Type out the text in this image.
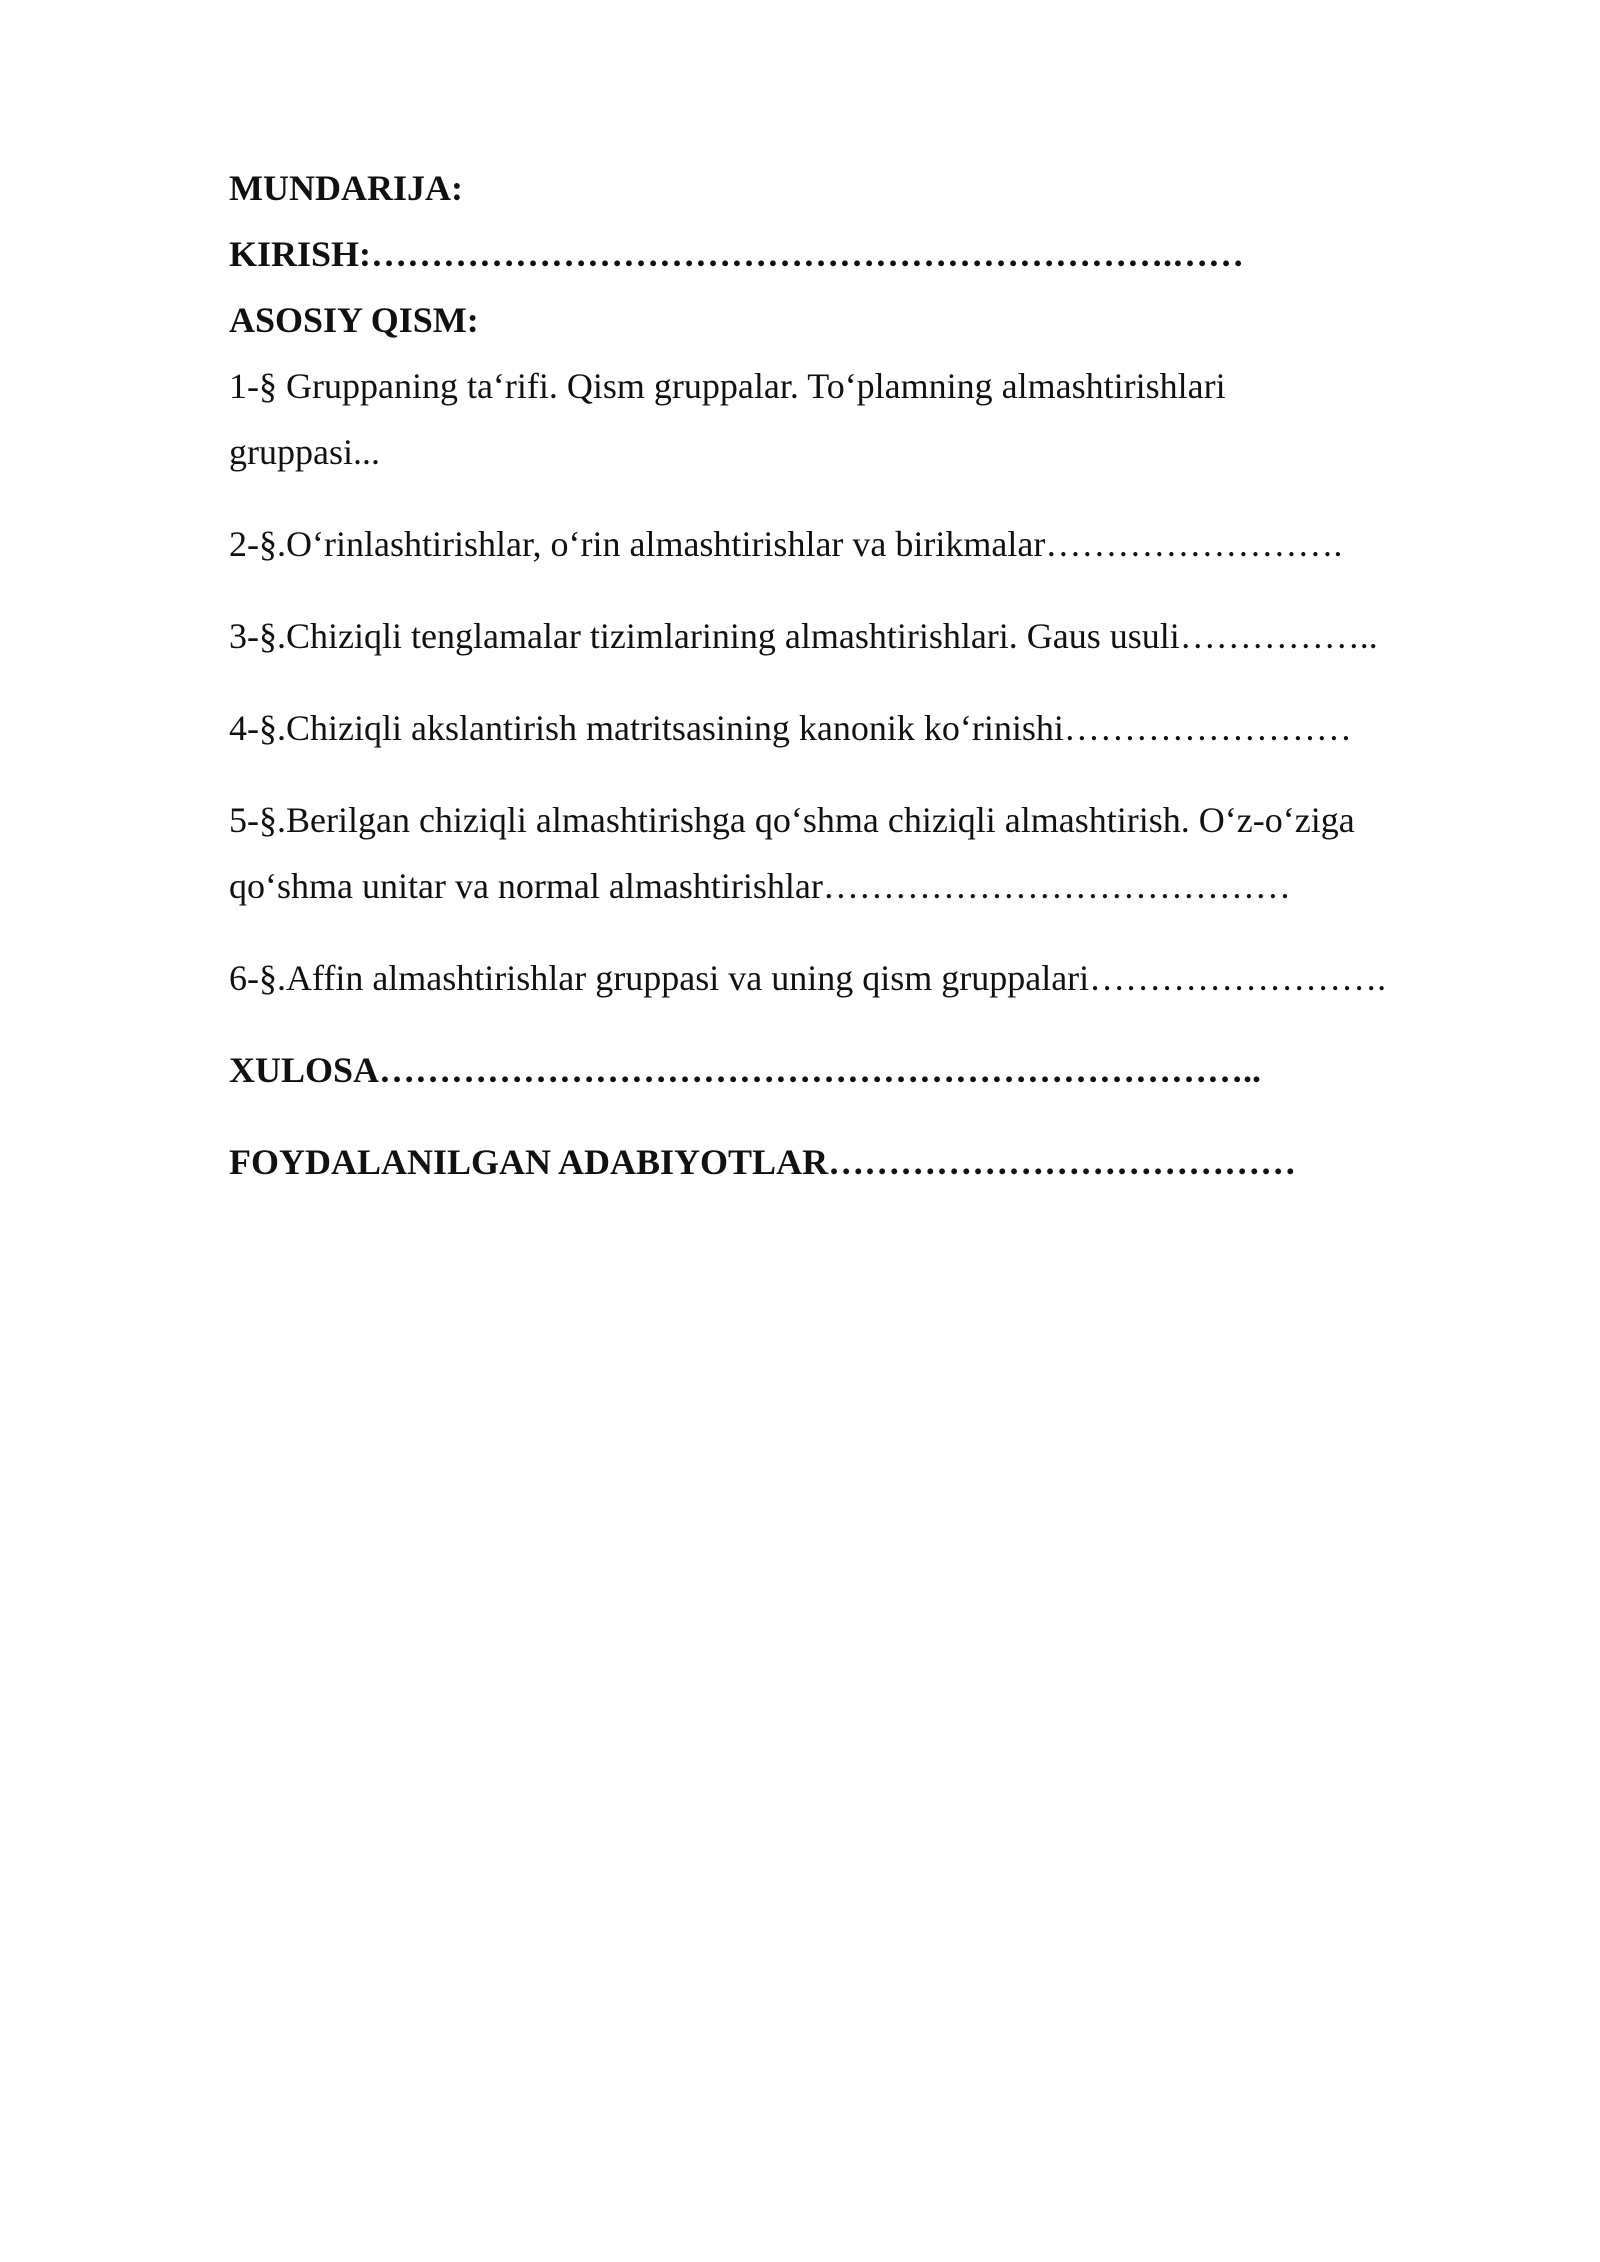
MUNDARIJA:
KIRISH:………………………………………………………….……
ASOSIY QISM:
1-§ Gruppaning ta‘rifi. Qism gruppalar. To‘plamning almashtirishlari
gruppasi...
2-§.O‘rinlashtirishlar, o‘rin almashtirishlar va birikmalar…………………….
3-§.Chiziqli tenglamalar tizimlarining almashtirishlari. Gaus usuli……………..
4-§.Chiziqli akslantirish matritsasining kanonik ko‘rinishi……………………
5-§.Berilgan chiziqli almashtirishga qo‘shma chiziqli almashtirish. O‘z-o‘ziga
qo‘shma unitar va normal almashtirishlar…………………………………
6-§.Affin almashtirishlar gruppasi va uning qism gruppalari…………………….
XULOSA………………………………………………………………..
FOYDALANILGAN ADABIYOTLAR…………………………………
